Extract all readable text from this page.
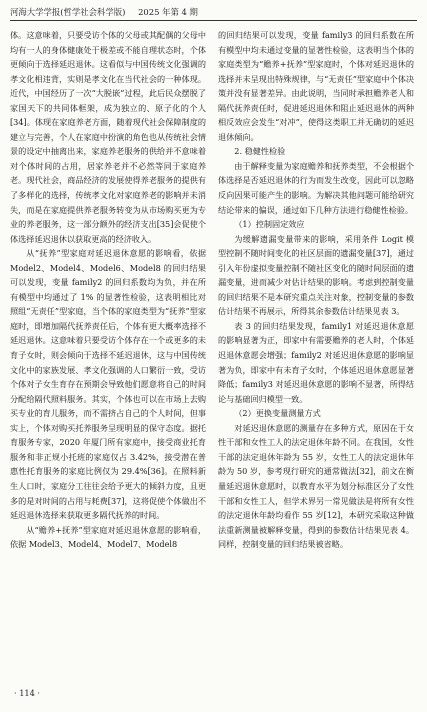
河海大学学报(哲学社会科学版) 2025 年第 4 期
体。这意味着，只要受访个体的父母或其配偶的父母中均有一人的身体健康处于极差或不能自理状态时，个体更倾向于选择延迟退休。这看似与中国传统文化强调的孝文化相违背，实则是孝文化在当代社会的一种体现。近代，中国经历了一次“大脱嵌”过程，此后民众摆脱了家国天下的共同体框架，成为独立的、原子化的个人[34]。体现在家庭养老方面，随着现代社会保障制度的建立与完善，个人在家庭中扮演的角色也从传统社会情景的设定中抽离出来，家庭养老服务的供给并不意味着对个体时间的占用，居家养老并不必然等同于家庭养老。现代社会，商品经济的发展使得养老服务的提供有了多样化的选择，传统孝文化对家庭养老的影响并未消失，而是在家庭提供养老服务转变为从市场购买更为专业的养老服务，这一部分额外的经济支出[35]会促使个体选择延迟退休以获取更高的经济收入。
从“抚养”型家庭对延迟退休意愿的影响看，依据 Model2、Model4、Model6、Model8 的回归结果可以发现，变量 family2 的回归系数均为负，并在所有模型中均通过了 1% 的显著性检验，这表明相比对照组“无责任”型家庭，当个体的家庭类型为“抚养”型家庭时，即增加隔代抚养责任后，个体有更大概率选择不延迟退休。这意味着只要受访个体存在一个或更多的未育子女时，则会倾向于选择不延迟退休，这与中国传统文化中的家族发展、孝文化强调的人口繁衍一致，受访个体对子女生育存在预期会导致他们愿意将自己的时间分配给隔代照料服务。其实，个体也可以在市场上去购买专业的育儿服务，而不需挤占自己的个人时间，但事实上，个体对购买托养服务呈现明显的保守态度。据托育服务专家，2020 年厦门所有家庭中，接受商业托育服务和非正规小托班的家庭仅占 3.42%，接受潜在普惠性托育服务的家庭比例仅为 29.4%[36]。在照料新生人口时，家庭分工往往会给予更大的倾斜力度，且更多的是对时间的占用与耗费[37]，这将促使个体做出不延迟退休选择来获取更多隔代抚养的时间。
从“赡养+抚养”型家庭对延迟退休意愿的影响看，依据 Model3、Model4、Model7、Model8
的回归结果可以发现，变量 family3 的回归系数在所有模型中均未通过变量的显著性检验，这表明当个体的家庭类型为“赡养+抚养”型家庭时，个体对延迟退休的选择并未呈现出特殊规律，与“无责任”型家庭中个体决策并没有显著差异。由此说明，当同时承担赡养老人和隔代抚养责任时，促进延迟退休和阻止延迟退休的两种相反效应会发生“对冲”，使得这类职工并无确切的延迟退休倾向。
2. 稳健性检验
由于解释变量为家庭赡养和抚养类型，不会根据个体选择是否延迟退休的行为而发生改变，因此可以忽略反向因果可能产生的影响。为解决其他问题可能给研究结论带来的偏误，通过如下几种方法进行稳健性检验。
（1）控制固定效应
为缓解遗漏变量带来的影响，采用条件 Logit 模型控制不随时间变化的社区层面的遗漏变量[37]，通过引入年份虚拟变量控制不随社区变化的随时间层面的遗漏变量，进而减少对估计结果的影响。考虑到控制变量的回归结果不是本研究重点关注对象，控制变量的参数估计结果不再展示，所得其余参数估计结果见表 3。
表 3 的回归结果发现，family1 对延迟退休意愿的影响显著为正，即家中有需要赡养的老人时，个体延迟退休意愿会增强；family2 对延迟退休意愿的影响显著为负，即家中有未育子女时，个体延迟退休意愿显著降低；family3 对延迟退休意愿的影响不显著，所得结论与基础回归模型一致。
（2）更换变量测量方式
对延迟退休意愿的测量存在多种方式，原因在于女性干部和女性工人的法定退休年龄不同。在我国，女性干部的法定退休年龄为 55 岁，女性工人的法定退休年龄为 50 岁，参考现行研究的通常做法[32]，前文在衡量延迟退休意愿时，以教育水平为划分标准区分了女性干部和女性工人，但学术界另一常见做法是将所有女性的法定退休年龄均看作 55 岁[12]，本研究采取这种做法重新测量被解释变量，得到的参数估计结果见表 4。同样，控制变量的回归结果被省略。
· 114 ·
